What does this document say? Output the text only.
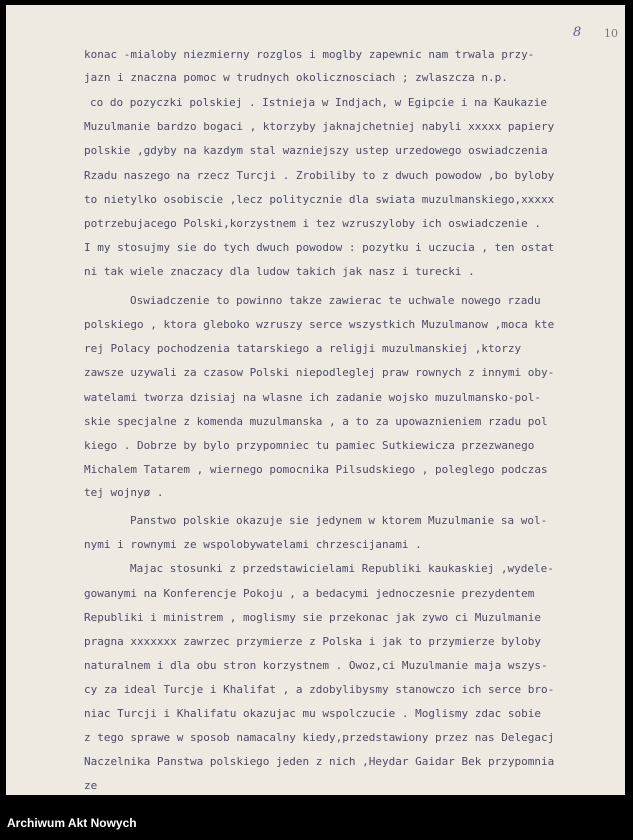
8 10
konac -mialoby niezmierny rozglos i moglby zapewnic nam trwala przy-
jazn i znaczna pomoc w trudnych okolicznosciach ; zwlaszcza n.p.
co do pozyczki polskiej . Istnieja w Indjach, w Egipcie i na Kaukazie
Muzulmanie bardzo bogaci , ktorzyby jaknajchetniej nabyli xxxxx papiery
polskie ,gdyby na kazdym stal wazniejszy ustep urzedowego oswiadczenia
Rzadu naszego na rzecz Turcji . Zrobiliby to z dwuch powodow ,bo byloby
to nietylko osobiscie ,lecz politycznie dla swiata muzulmanskiego,xxxxx
potrzebujacego Polski,korzystnem i tez wzruszyloby ich oswiadczenie .
I my stosujmy sie do tych dwuch powodow : pozytku i uczucia , ten ostat
ni tak wiele znaczacy dla ludow takich jak nasz i turecki .
Oswiadczenie to powinno takze zawierac te uchwale nowego rzadu
polskiego , ktora gleboko wzruszy serce wszystkich Muzulmanow ,moca kte
rej Polacy pochodzenia tatarskiego a religji muzulmanskiej ,ktorzy
zawsze uzywali za czasow Polski niepodleglej praw rownych z innymi oby-
watelami tworza dzisiaj na wlasne ich zadanie wojsko muzulmansko-pol-
skie specjalne z komenda muzulmanska , a to za upowaznieniem rzadu pol
kiego . Dobrze by bylo przypomniec tu pamiec Sutkiewicza przezwanego
Michalem Tatarem , wiernego pomocnika Pilsudskiego , poleglego podczas
tej wojnyø .
Panstwo polskie okazuje sie jedynem w ktorem Muzulmanie sa wol-
nymi i rownymi ze wspolobywatelami chrzescijanami .
Majac stosunki z przedstawicielami Republiki kaukaskiej ,wydele-
gowanymi na Konferencje Pokoju , a bedacymi jednoczesnie prezydentem
Republiki i ministrem , moglismy sie przekonac jak zywo ci Muzulmanie
pragna xxxxxxx zawrzec przymierze z Polska i jak to przymierze byloby
naturalnem i dla obu stron korzystnem . Owoz,ci Muzulmanie maja wszys-
cy za ideal Turcje i Khalifat , a zdobylibysmy stanowczo ich serce bro-
niac Turcji i Khalifatu okazujac mu wspolczucie . Moglismy zdac sobie
z tego sprawe w sposob namacalny kiedy,przedstawiony przez nas Delegacj
Naczelnika Panstwa polskiego jeden z nich ,Heydar Gaidar Bek przypomnia
ze
Archiwum Akt Nowych
